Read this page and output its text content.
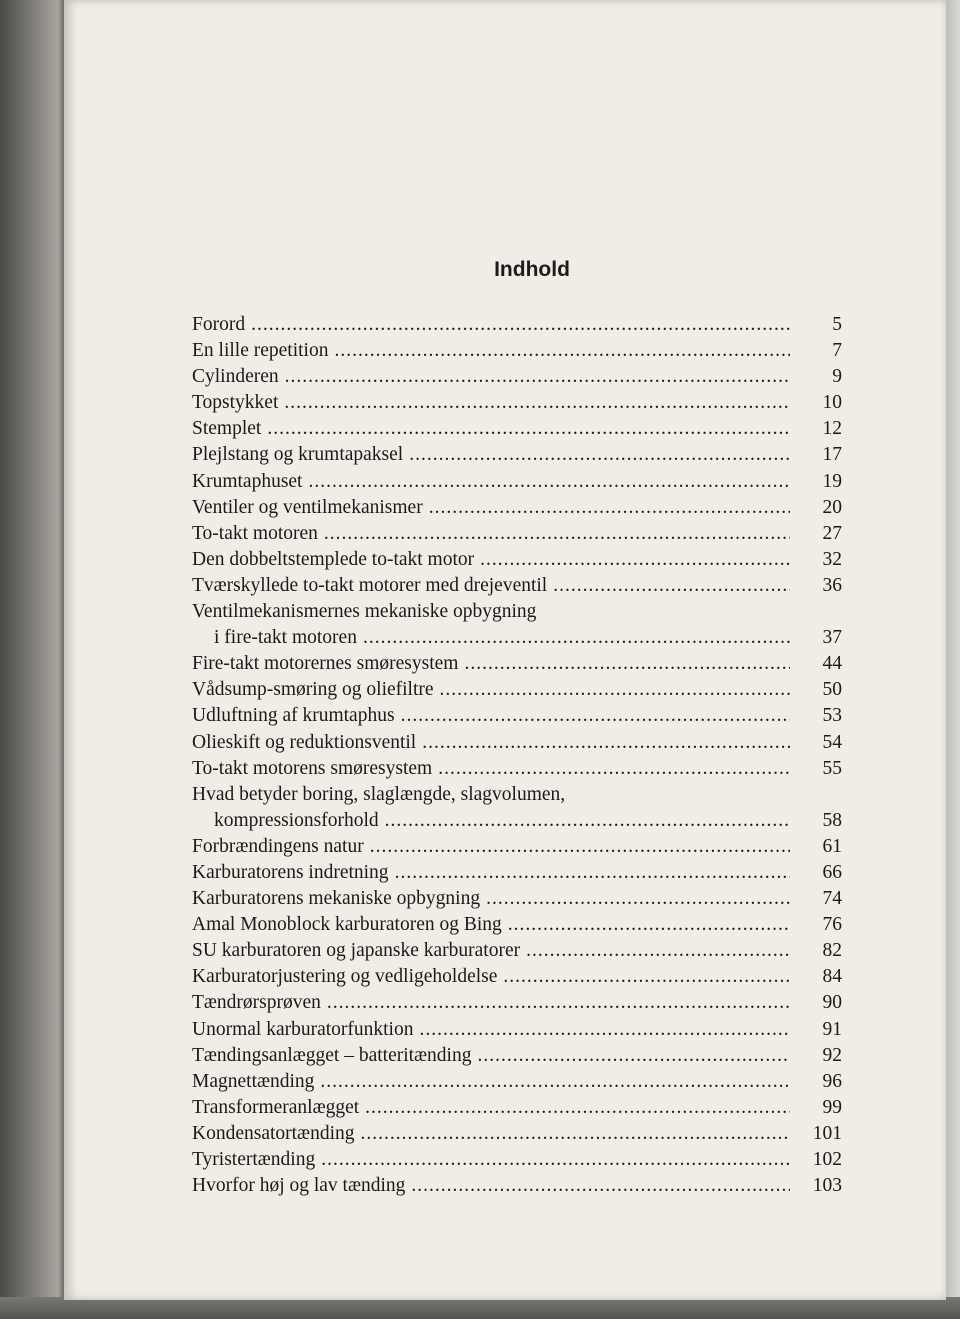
Indhold
Forord .....	5
En lille repetition .....	7
Cylinderen .....	9
Topstykket .....	10
Stemplet .....	12
Plejlstang og krumtapaksel .....	17
Krumtaphuset .....	19
Ventiler og ventilmekanismer .....	20
To-takt motoren .....	27
Den dobbeltstemplede to-takt motor .....	32
Tværskyllede to-takt motorer med drejeventil .....	36
Ventilmekanismernes mekaniske opbygning
i fire-takt motoren .....	37
Fire-takt motorernes smøresystem .....	44
Vådsump-smøring og oliefiltre .....	50
Udluftning af krumtaphus .....	53
Olieskift og reduktionsventil .....	54
To-takt motorens smøresystem .....	55
Hvad betyder boring, slaglængde, slagvolumen,
kompressionsforhold .....	58
Forbrændingens natur .....	61
Karburatorens indretning .....	66
Karburatorens mekaniske opbygning .....	74
Amal Monoblock karburatoren og Bing .....	76
SU karburatoren og japanske karburatorer .....	82
Karburatorjustering og vedligeholdelse .....	84
Tændrørsprøven .....	90
Unormal karburatorfunktion .....	91
Tændingsanlægget – batteritænding .....	92
Magnettænding .....	96
Transformeranlægget .....	99
Kondensatortænding .....	101
Tyristertænding .....	102
Hvorfor høj og lav tænding .....	103
